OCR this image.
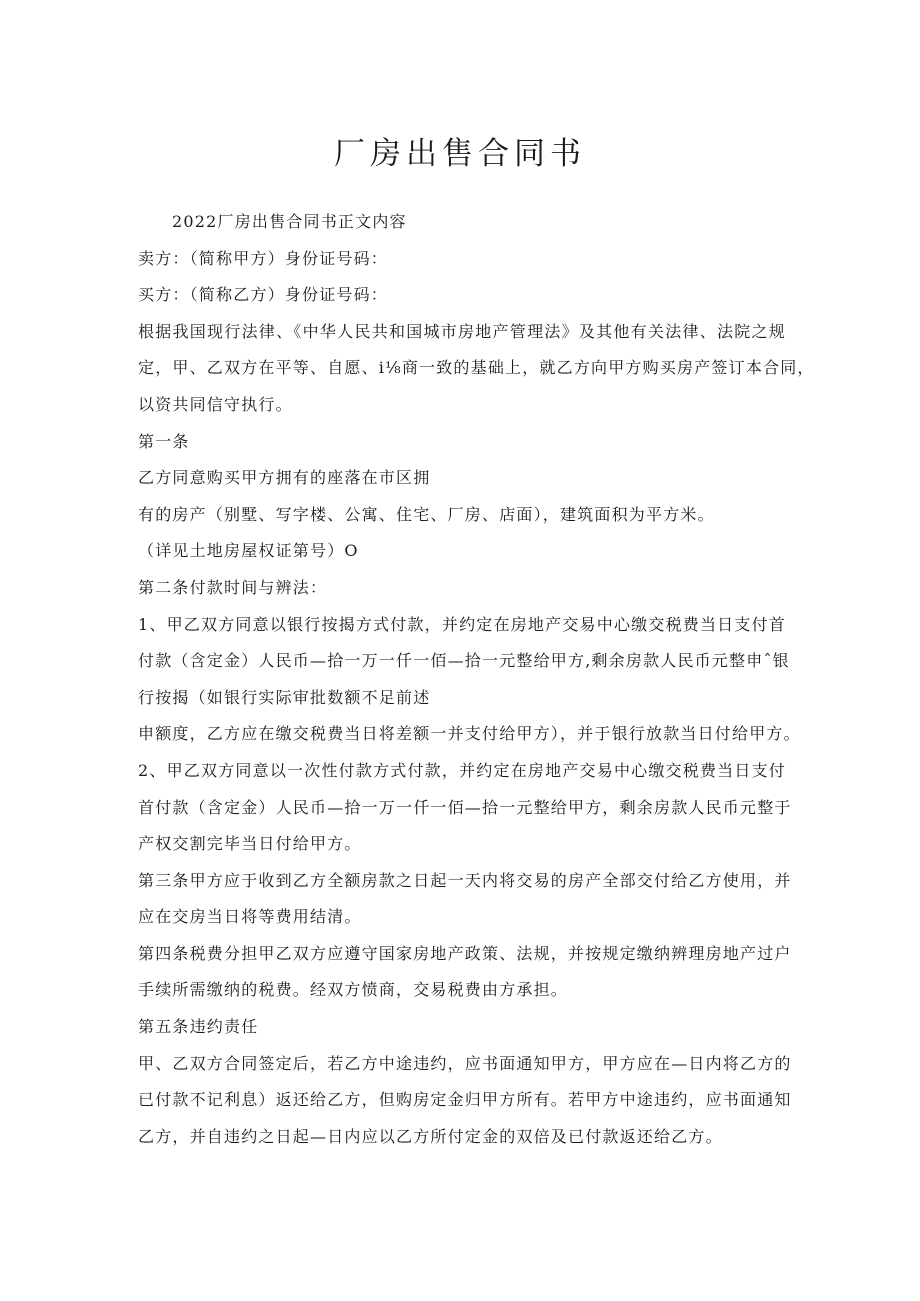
厂房出售合同书
2022厂房出售合同书正文内容
卖方：（简称甲方）身份证号码：
买方：（简称乙方）身份证号码：
根据我国现行法律、《中华人民共和国城市房地产管理法》及其他有关法律、法院之规
定，甲、乙双方在平等、自愿、i⅛商一致的基础上，就乙方向甲方购买房产签订本合同，
以资共同信守执行。
第一条
乙方同意购买甲方拥有的座落在市区拥
有的房产（别墅、写字楼、公寓、住宅、厂房、店面），建筑面积为平方米。
（详见土地房屋权证第号）O
第二条付款时间与辨法：
1、甲乙双方同意以银行按揭方式付款，并约定在房地产交易中心缴交税费当日支付首
付款（含定金）人民币—拾一万一仟一佰—拾一元整给甲方,剩余房款人民币元整申ˆ银
行按揭（如银行实际审批数额不足前述
申额度，乙方应在缴交税费当日将差额一并支付给甲方），并于银行放款当日付给甲方。
2、甲乙双方同意以一次性付款方式付款，并约定在房地产交易中心缴交税费当日支付
首付款（含定金）人民币—拾一万一仟一佰—拾一元整给甲方，剩余房款人民币元整于
产权交割完毕当日付给甲方。
第三条甲方应于收到乙方全额房款之日起一天内将交易的房产全部交付给乙方使用，并
应在交房当日将等费用结清。
第四条税费分担甲乙双方应遵守国家房地产政策、法规，并按规定缴纳辨理房地产过户
手续所需缴纳的税费。经双方愤商，交易税费由方承担。
第五条违约责任
甲、乙双方合同签定后，若乙方中途违约，应书面通知甲方，甲方应在—日内将乙方的
已付款不记利息）返还给乙方，但购房定金归甲方所有。若甲方中途违约，应书面通知
乙方，并自违约之日起—日内应以乙方所付定金的双倍及已付款返还给乙方。
